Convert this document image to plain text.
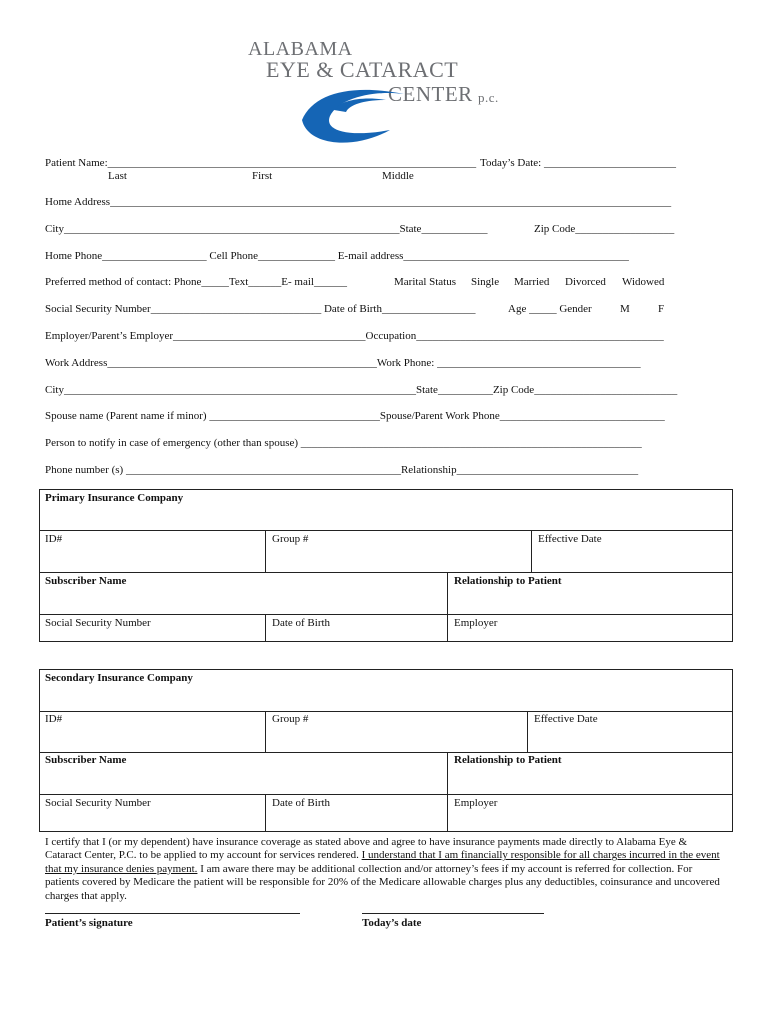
ALABAMA
EYE & CATARACT
CENTER p.c.
Patient Name:___________________________________________________________________ Today’s Date: ________________________
Last	First	Middle
Home Address______________________________________________________________________________________________________
City_____________________________________________________________State____________	Zip Code__________________
Home Phone___________________ Cell Phone______________ E-mail address_________________________________________
Preferred method of contact: Phone_____Text______E- mail______	Marital Status Single Married Divorced Widowed
Social Security Number_______________________________ Date of Birth_________________	Age _____ Gender	M	F
Employer/Parent’s Employer___________________________________Occupation_____________________________________________
Work Address_________________________________________________Work Phone: _____________________________________
City________________________________________________________________State__________Zip Code__________________________
Spouse name (Parent name if minor) _______________________________Spouse/Parent Work Phone______________________________
Person to notify in case of emergency (other than spouse) ______________________________________________________________
Phone number (s) __________________________________________________Relationship_________________________________
Primary Insurance Company
ID#	Group #	Effective Date
Subscriber Name	Relationship to Patient
Social Security Number	Date of Birth	Employer
Secondary Insurance Company
ID#	Group #	Effective Date
Subscriber Name	Relationship to Patient
Social Security Number	Date of Birth	Employer
I certify that I (or my dependent) have insurance coverage as stated above and agree to have insurance payments made directly to Alabama Eye & Cataract Center, P.C. to be applied to my account for services rendered. I understand that I am financially responsible for all charges incurred in the event that my insurance denies payment. I am aware there may be additional collection and/or attorney’s fees if my account is referred for collection. For patients covered by Medicare the patient will be responsible for 20% of the Medicare allowable charges plus any deductibles, coinsurance and uncovered charges that apply.
Patient’s signature	Today’s date
